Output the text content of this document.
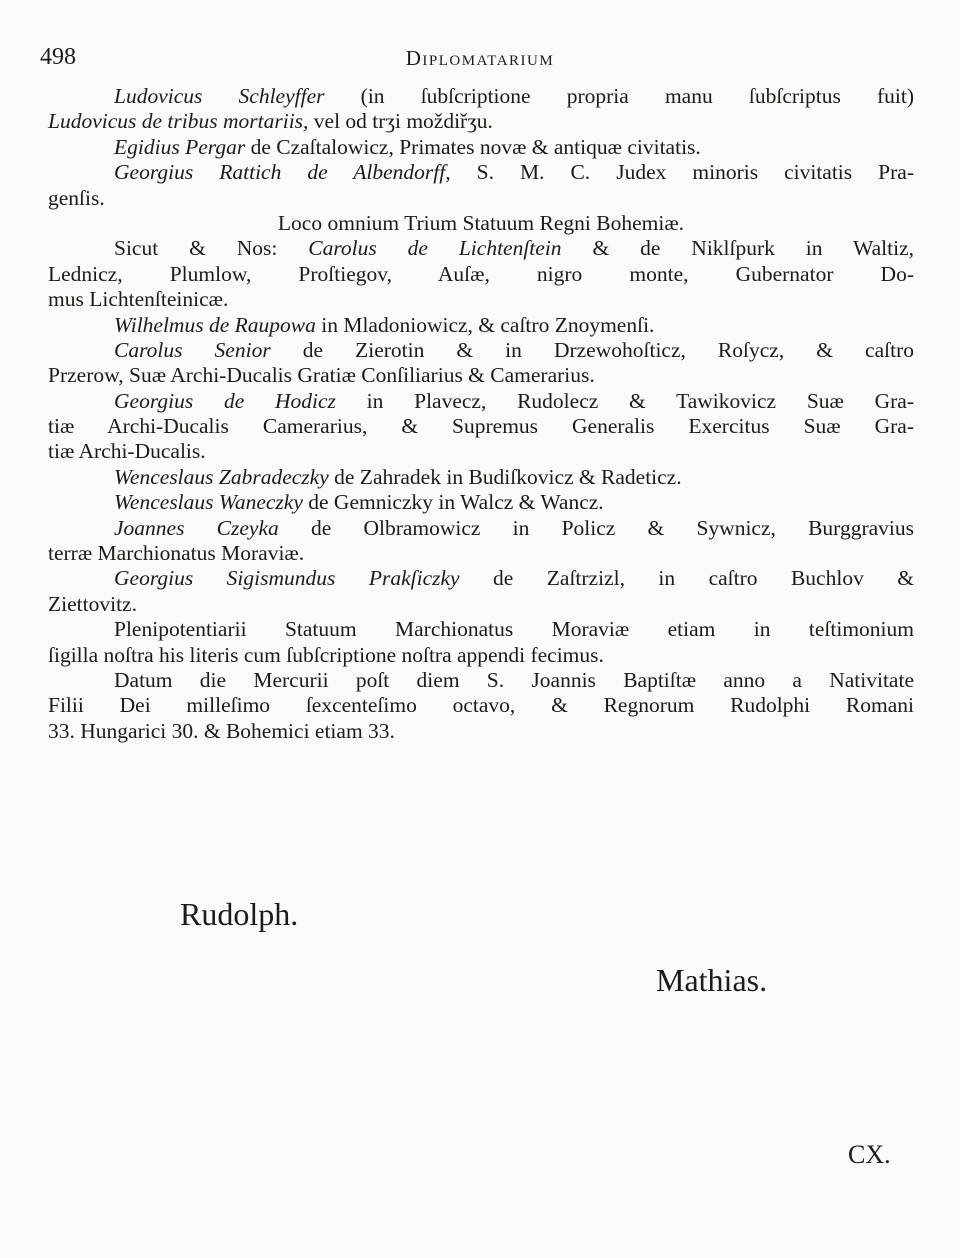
498	Diplomatarium
Ludovicus Schleyffer (in ſubſcriptione propria manu ſubſcriptus fuit)
Ludovicus de tribus mortariis, vel od trʒi moždiřʒu.
Egidius Pergar de Czaſtalowicz, Primates novæ & antiquæ civitatis.
Georgius Rattich de Albendorff, S. M. C. Judex minoris civitatis Pra-
genſis.
Loco omnium Trium Statuum Regni Bohemiæ.
Sicut & Nos: Carolus de Lichtenſtein & de Niklſpurk in Waltiz,
Lednicz, Plumlow, Proſtiegov, Auſæ, nigro monte, Gubernator Do-
mus Lichtenſteinicæ.
Wilhelmus de Raupowa in Mladoniowicz, & caſtro Znoymenſi.
Carolus Senior de Zierotin & in Drzewohoſticz, Roſycz, & caſtro
Przerow, Suæ Archi-Ducalis Gratiæ Conſiliarius & Camerarius.
Georgius de Hodicz in Plavecz, Rudolecz & Tawikovicz Suæ Gra-
tiæ Archi-Ducalis Camerarius, & Supremus Generalis Exercitus Suæ Gra-
tiæ Archi-Ducalis.
Wenceslaus Zabradeczky de Zahradek in Budiſkovicz & Radeticz.
Wenceslaus Waneczky de Gemniczky in Walcz & Wancz.
Joannes Czeyka de Olbramowicz in Policz & Sywnicz, Burggravius
terræ Marchionatus Moraviæ.
Georgius Sigismundus Prakſiczky de Zaſtrzizl, in caſtro Buchlov &
Ziettovitz.
Plenipotentiarii Statuum Marchionatus Moraviæ etiam in teſtimonium
ſigilla noſtra his literis cum ſubſcriptione noſtra appendi fecimus.
Datum die Mercurii poſt diem S. Joannis Baptiſtæ anno a Nativitate
Filii Dei milleſimo ſexcenteſimo octavo, & Regnorum Rudolphi Romani
33. Hungarici 30. & Bohemici etiam 33.
Rudolph.
Mathias.
CX.
